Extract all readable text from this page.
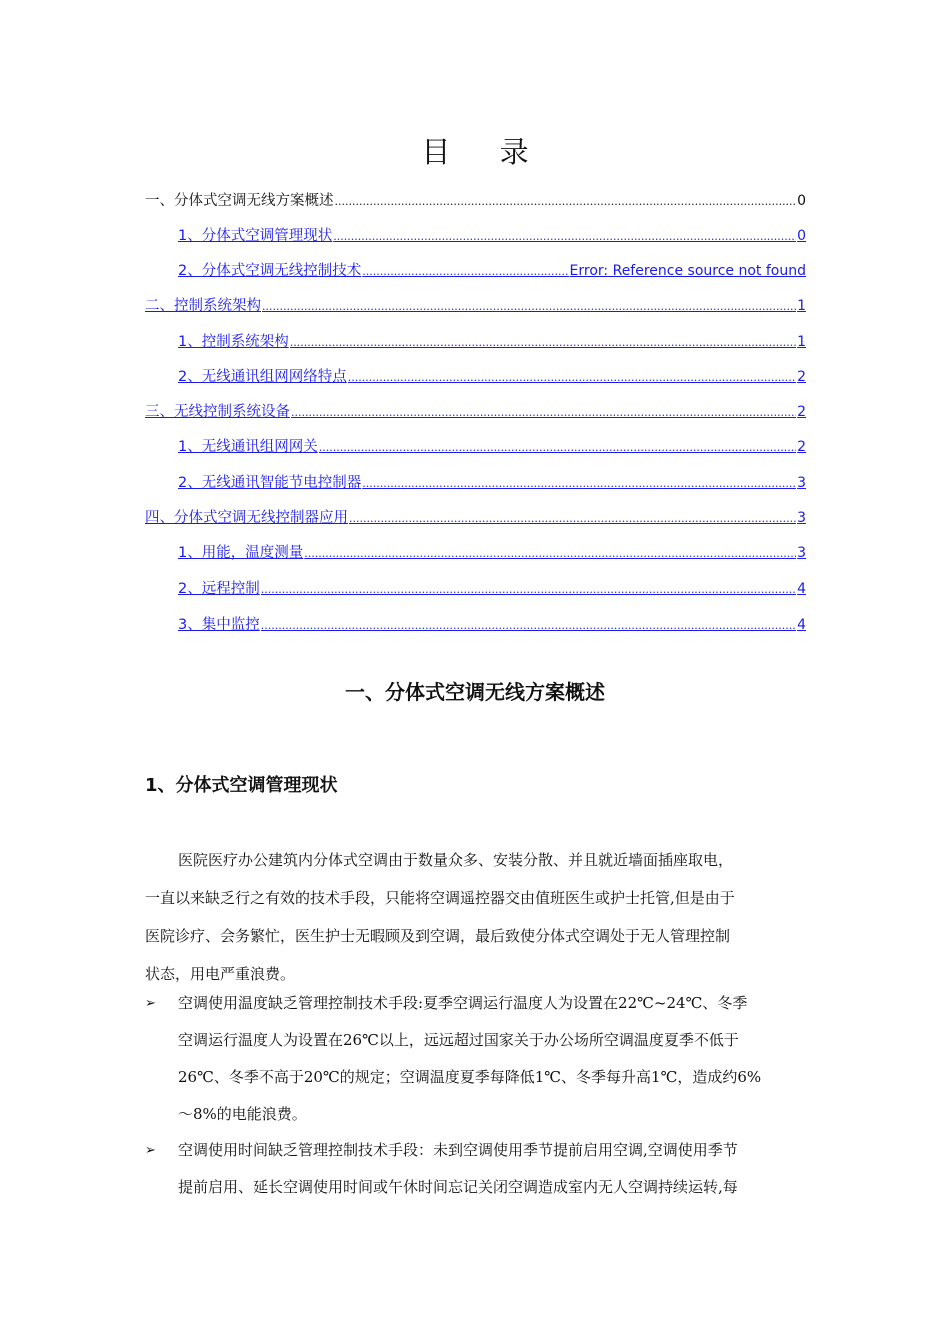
目 录
一、分体式空调无线方案概述 .....	0
1、分体式空调管理现状 .....	0
2、分体式空调无线控制技术 .....	Error: Reference source not found
二、控制系统架构 .....	1
1、控制系统架构 .....	1
2、无线通讯组网网络特点 .....	2
三、无线控制系统设备 .....	2
1、无线通讯组网网关 .....	2
2、无线通讯智能节电控制器 .....	3
四、分体式空调无线控制器应用 .....	3
1、用能，温度测量 .....	3
2、远程控制 .....	4
3、集中监控 .....	4
一、分体式空调无线方案概述
1、分体式空调管理现状
医院医疗办公建筑内分体式空调由于数量众多、安装分散、并且就近墙面插座取电，
一直以来缺乏行之有效的技术手段，只能将空调遥控器交由值班医生或护士托管,但是由于
医院诊疗、会务繁忙，医生护士无暇顾及到空调，最后致使分体式空调处于无人管理控制
状态，用电严重浪费。
➢ 空调使用温度缺乏管理控制技术手段:夏季空调运行温度人为设置在22℃~24℃、冬季
空调运行温度人为设置在26℃以上，远远超过国家关于办公场所空调温度夏季不低于
26℃、冬季不高于20℃的规定；空调温度夏季每降低1℃、冬季每升高1℃，造成约6%
～8%的电能浪费。
➢ 空调使用时间缺乏管理控制技术手段：未到空调使用季节提前启用空调,空调使用季节
提前启用、延长空调使用时间或午休时间忘记关闭空调造成室内无人空调持续运转,每
